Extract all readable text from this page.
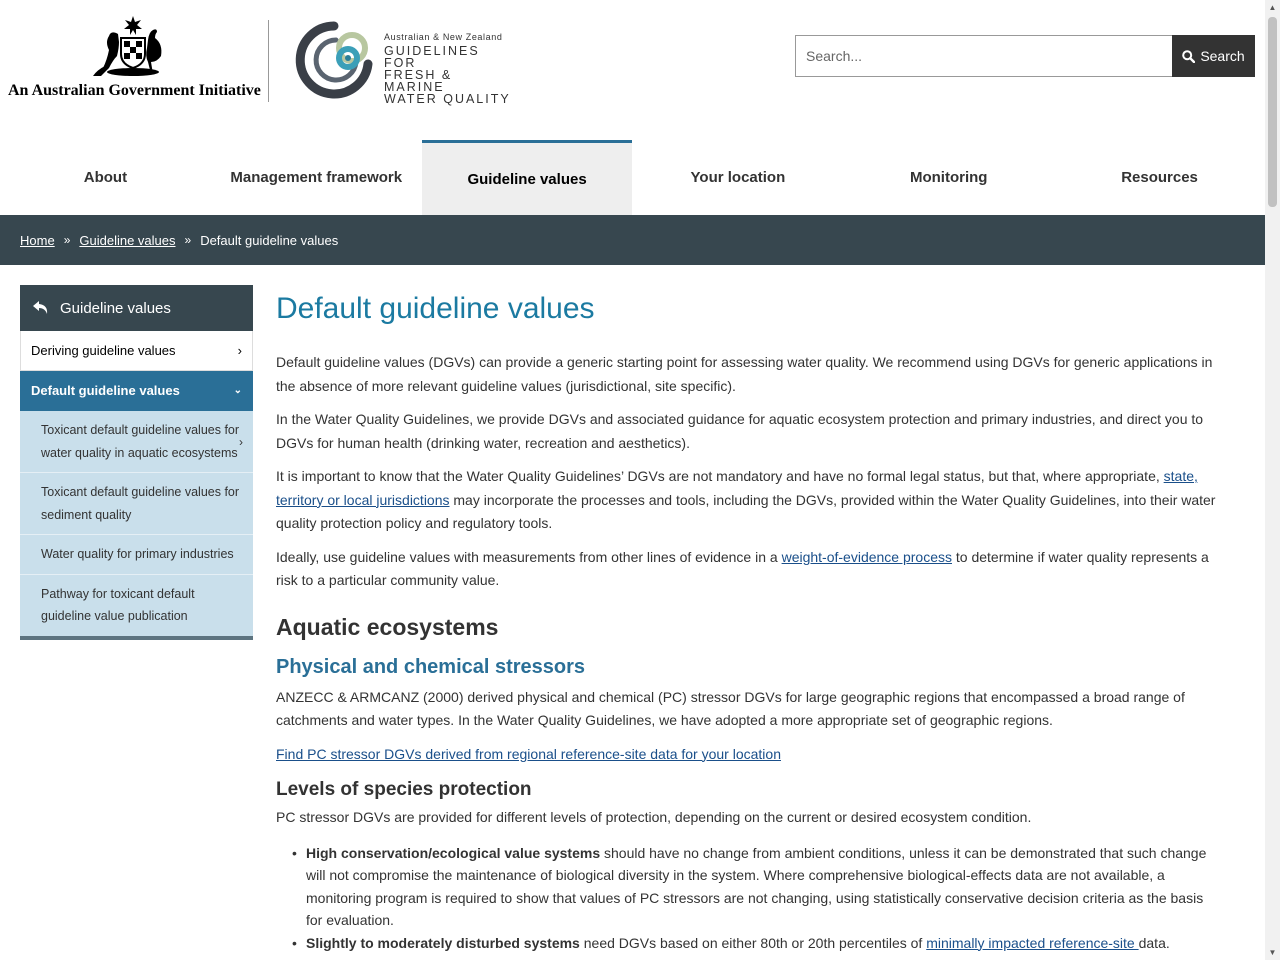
An Australian Government Initiative
Australian & New Zealand
GUIDELINES FOR
FRESH & MARINE
WATER QUALITY
Search...
Search
About	Management framework	Guideline values	Your location	Monitoring	Resources
Home » Guideline values » Default guideline values
Guideline values
Deriving guideline values	›
Default guideline values	⌄
Toxicant default guideline values for water quality in aquatic ecosystems
›
Toxicant default guideline values for sediment quality
Water quality for primary industries
Pathway for toxicant default guideline value publication
Default guideline values

Default guideline values (DGVs) can provide a generic starting point for assessing water quality. We recommend using DGVs for generic applications in the absence of more relevant guideline values (jurisdictional, site specific).

In the Water Quality Guidelines, we provide DGVs and associated guidance for aquatic ecosystem protection and primary industries, and direct you to DGVs for human health (drinking water, recreation and aesthetics).

It is important to know that the Water Quality Guidelines’ DGVs are not mandatory and have no formal legal status, but that, where appropriate, state, territory or local jurisdictions may incorporate the processes and tools, including the DGVs, provided within the Water Quality Guidelines, into their water quality protection policy and regulatory tools.

Ideally, use guideline values with measurements from other lines of evidence in a weight-of-evidence process to determine if water quality represents a risk to a particular community value.

Aquatic ecosystems
Physical and chemical stressors

ANZECC & ARMCANZ (2000) derived physical and chemical (PC) stressor DGVs for large geographic regions that encompassed a broad range of catchments and water types. In the Water Quality Guidelines, we have adopted a more appropriate set of geographic regions.

Find PC stressor DGVs derived from regional reference-site data for your location

Levels of species protection

PC stressor DGVs are provided for different levels of protection, depending on the current or desired ecosystem condition.

• High conservation/ecological value systems should have no change from ambient conditions, unless it can be demonstrated that such change will not compromise the maintenance of biological diversity in the system. Where comprehensive biological-effects data are not available, a monitoring program is required to show that values of PC stressors are not changing, using statistically conservative decision criteria as the basis for evaluation.
• Slightly to moderately disturbed systems need DGVs based on either 80th or 20th percentiles of minimally impacted reference-site data.
▲
▼
